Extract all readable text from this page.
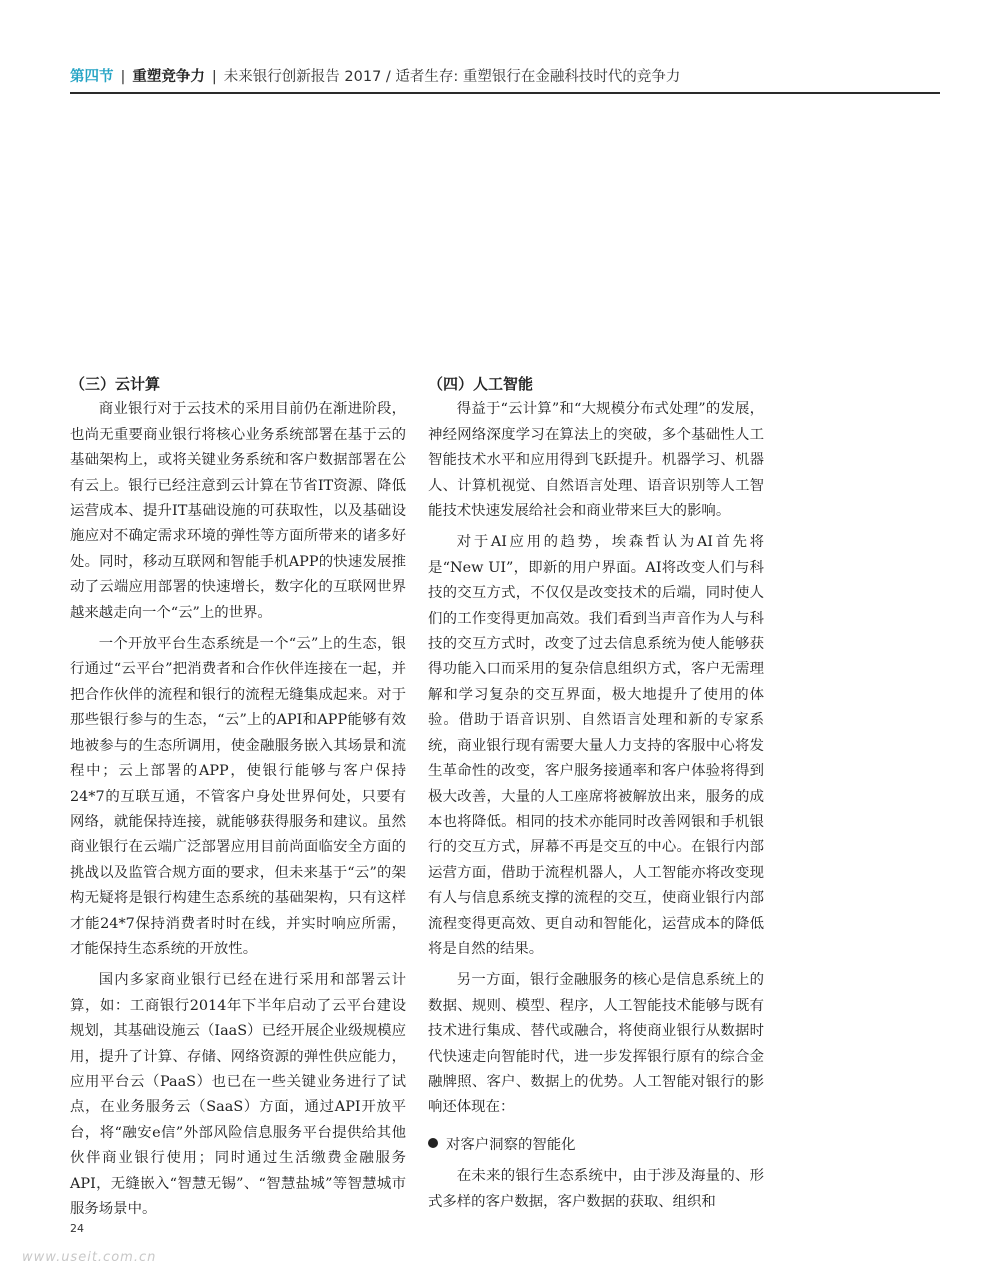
第四节 | 重塑竞争力 | 未来银行创新报告 2017 / 适者生存: 重塑银行在金融科技时代的竞争力
（三）云计算

商业银行对于云技术的采用目前仍在渐进阶段，也尚无重要商业银行将核心业务系统部署在基于云的基础架构上，或将关键业务系统和客户数据部署在公有云上。银行已经注意到云计算在节省IT资源、降低运营成本、提升IT基础设施的可获取性，以及基础设施应对不确定需求环境的弹性等方面所带来的诸多好处。同时，移动互联网和智能手机APP的快速发展推动了云端应用部署的快速增长，数字化的互联网世界越来越走向一个“云”上的世界。

一个开放平台生态系统是一个“云”上的生态，银行通过“云平台”把消费者和合作伙伴连接在一起，并把合作伙伴的流程和银行的流程无缝集成起来。对于那些银行参与的生态，“云”上的API和APP能够有效地被参与的生态所调用，使金融服务嵌入其场景和流程中；云上部署的APP，使银行能够与客户保持24*7的互联互通，不管客户身处世界何处，只要有网络，就能保持连接，就能够获得服务和建议。虽然商业银行在云端广泛部署应用目前尚面临安全方面的挑战以及监管合规方面的要求，但未来基于“云”的架构无疑将是银行构建生态系统的基础架构，只有这样才能24*7保持消费者时时在线，并实时响应所需，才能保持生态系统的开放性。

国内多家商业银行已经在进行采用和部署云计算，如：工商银行2014年下半年启动了云平台建设规划，其基础设施云（IaaS）已经开展企业级规模应用，提升了计算、存储、网络资源的弹性供应能力，应用平台云（PaaS）也已在一些关键业务进行了试点，在业务服务云（SaaS）方面，通过API开放平台，将“融安e信”外部风险信息服务平台提供给其他伙伴商业银行使用；同时通过生活缴费金融服务API，无缝嵌入“智慧无锡”、“智慧盐城”等智慧城市服务场景中。

（四）人工智能

得益于“云计算”和“大规模分布式处理”的发展，神经网络深度学习在算法上的突破，多个基础性人工智能技术水平和应用得到飞跃提升。机器学习、机器人、计算机视觉、自然语言处理、语音识别等人工智能技术快速发展给社会和商业带来巨大的影响。

对于AI应用的趋势，埃森哲认为AI首先将是“New UI”，即新的用户界面。AI将改变人们与科技的交互方式，不仅仅是改变技术的后端，同时使人们的工作变得更加高效。我们看到当声音作为人与科技的交互方式时，改变了过去信息系统为使人能够获得功能入口而采用的复杂信息组织方式，客户无需理解和学习复杂的交互界面，极大地提升了使用的体验。借助于语音识别、自然语言处理和新的专家系统，商业银行现有需要大量人力支持的客服中心将发生革命性的改变，客户服务接通率和客户体验将得到极大改善，大量的人工座席将被解放出来，服务的成本也将降低。相同的技术亦能同时改善网银和手机银行的交互方式，屏幕不再是交互的中心。在银行内部运营方面，借助于流程机器人，人工智能亦将改变现有人与信息系统支撑的流程的交互，使商业银行内部流程变得更高效、更自动和智能化，运营成本的降低将是自然的结果。

另一方面，银行金融服务的核心是信息系统上的数据、规则、模型、程序，人工智能技术能够与既有技术进行集成、替代或融合，将使商业银行从数据时代快速走向智能时代，进一步发挥银行原有的综合金融牌照、客户、数据上的优势。人工智能对银行的影响还体现在：

对客户洞察的智能化

在未来的银行生态系统中，由于涉及海量的、形式多样的客户数据，客户数据的获取、组织和

24
www.useit.com.cn
